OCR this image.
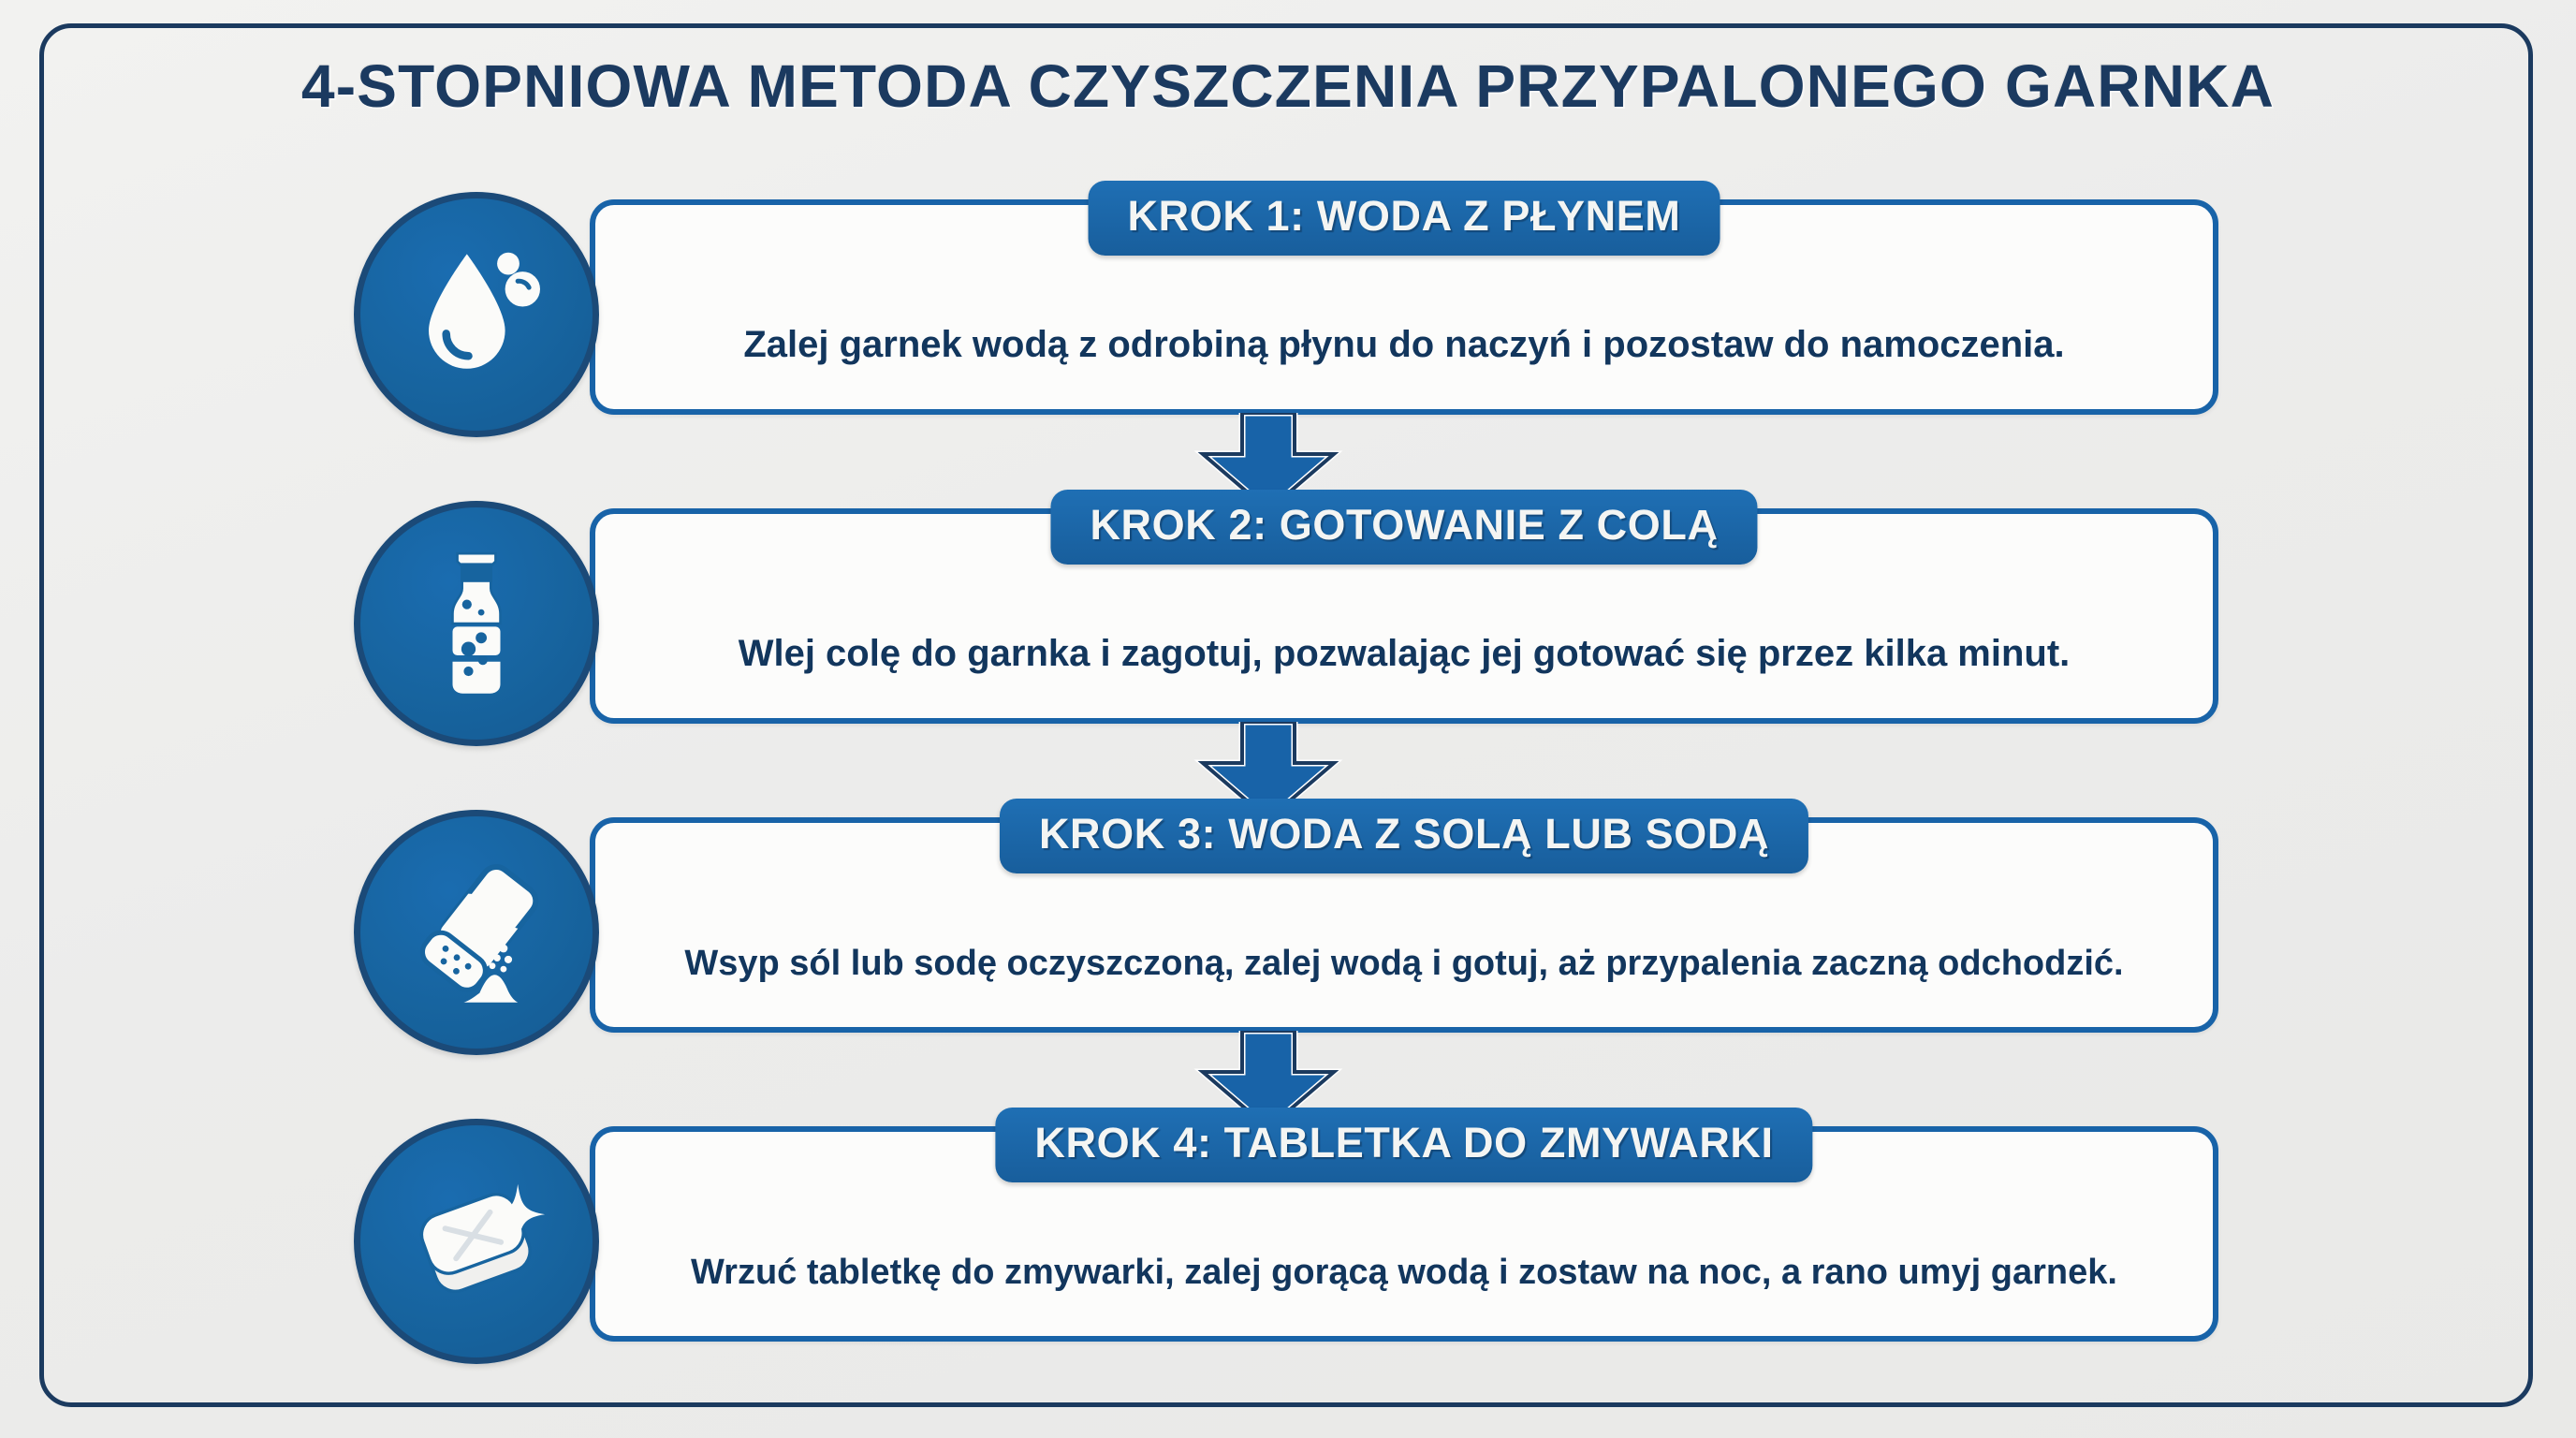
4-STOPNIOWA METODA CZYSZCZENIA PRZYPALONEGO GARNKA
KROK 1: WODA Z PŁYNEM
Zalej garnek wodą z odrobiną płynu do naczyń i pozostaw do namoczenia.
KROK 2: GOTOWANIE Z COLĄ
Wlej colę do garnka i zagotuj, pozwalając jej gotować się przez kilka minut.
KROK 3: WODA Z SOLĄ LUB SODĄ
Wsyp sól lub sodę oczyszczoną, zalej wodą i gotuj, aż przypalenia zaczną odchodzić.
KROK 4: TABLETKA DO ZMYWARKI
Wrzuć tabletkę do zmywarki, zalej gorącą wodą i zostaw na noc, a rano umyj garnek.
